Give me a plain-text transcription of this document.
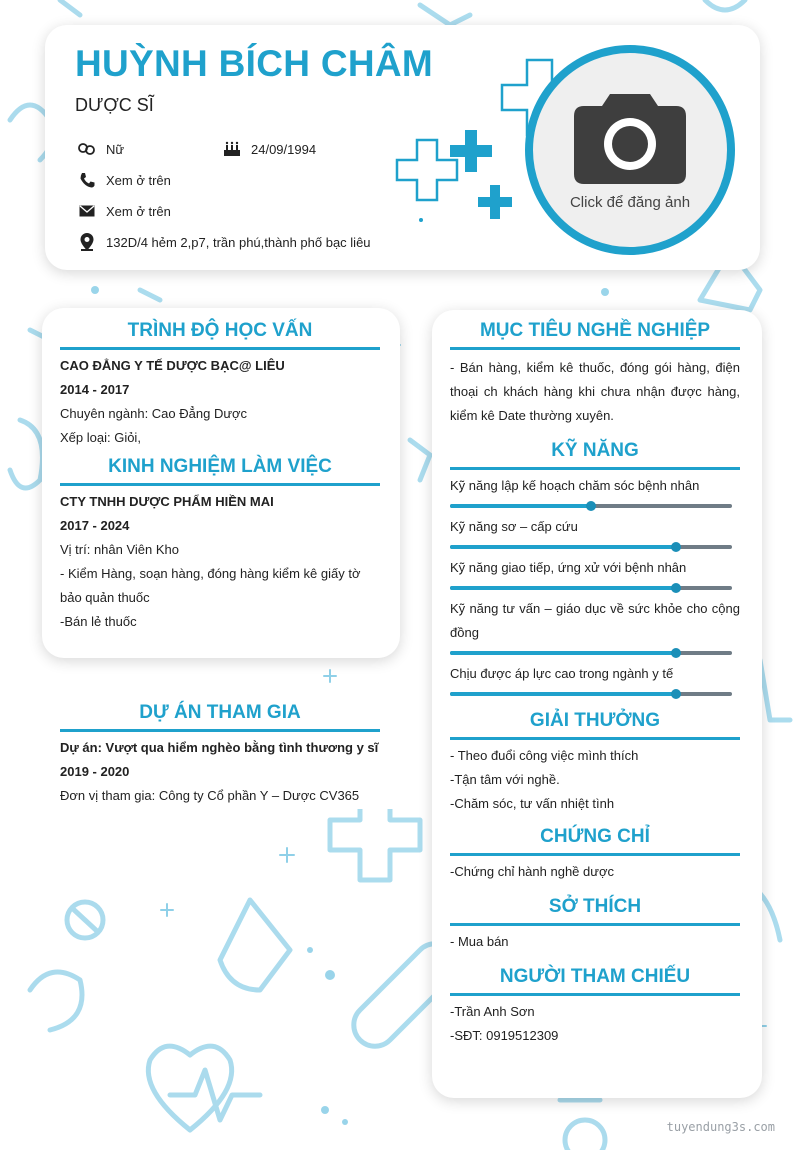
HUỲNH BÍCH CHÂM
DƯỢC SĨ
Nữ	24/09/1994
Xem ở trên
Xem ở trên
132D/4 hẻm 2,p7, trần phú,thành phố bạc liêu
Click để đăng ảnh
TRÌNH ĐỘ HỌC VẤN
CAO ĐẲNG Y TẾ DƯỢC BẠC@ LIÊU
2014 - 2017
Chuyên ngành: Cao Đẳng Dược
Xếp loại: Giỏi,
KINH NGHIỆM LÀM VIỆC
CTY TNHH DƯỢC PHẨM HIỀN MAI
2017 - 2024
Vị trí: nhân Viên Kho
- Kiểm Hàng, soạn hàng, đóng hàng kiểm kê giấy tờ bảo quản thuốc
-Bán lẻ thuốc
DỰ ÁN THAM GIA
Dự án: Vượt qua hiểm nghèo bằng tình thương y sĩ
2019 - 2020
Đơn vị tham gia: Công ty Cổ phần Y – Dược CV365
MỤC TIÊU NGHỀ NGHIỆP
- Bán hàng, kiểm kê thuốc, đóng gói hàng, điện thoại ch khách hàng khi chưa nhận được hàng, kiểm kê Date thường xuyên.
KỸ NĂNG
Kỹ năng lập kế hoạch chăm sóc bệnh nhân
Kỹ năng sơ – cấp cứu
Kỹ năng giao tiếp, ứng xử với bệnh nhân
Kỹ năng tư vấn – giáo dục về sức khỏe cho cộng đồng
Chịu được áp lực cao trong ngành y tế
GIẢI THƯỞNG
- Theo đuổi công việc mình thích
-Tận tâm với nghề.
-Chăm sóc, tư vấn nhiệt tình
CHỨNG CHỈ
-Chứng chỉ hành nghề dược
SỞ THÍCH
- Mua bán
NGƯỜI THAM CHIẾU
-Trần Anh Sơn
-SĐT: 0919512309
tuyendung3s.com
